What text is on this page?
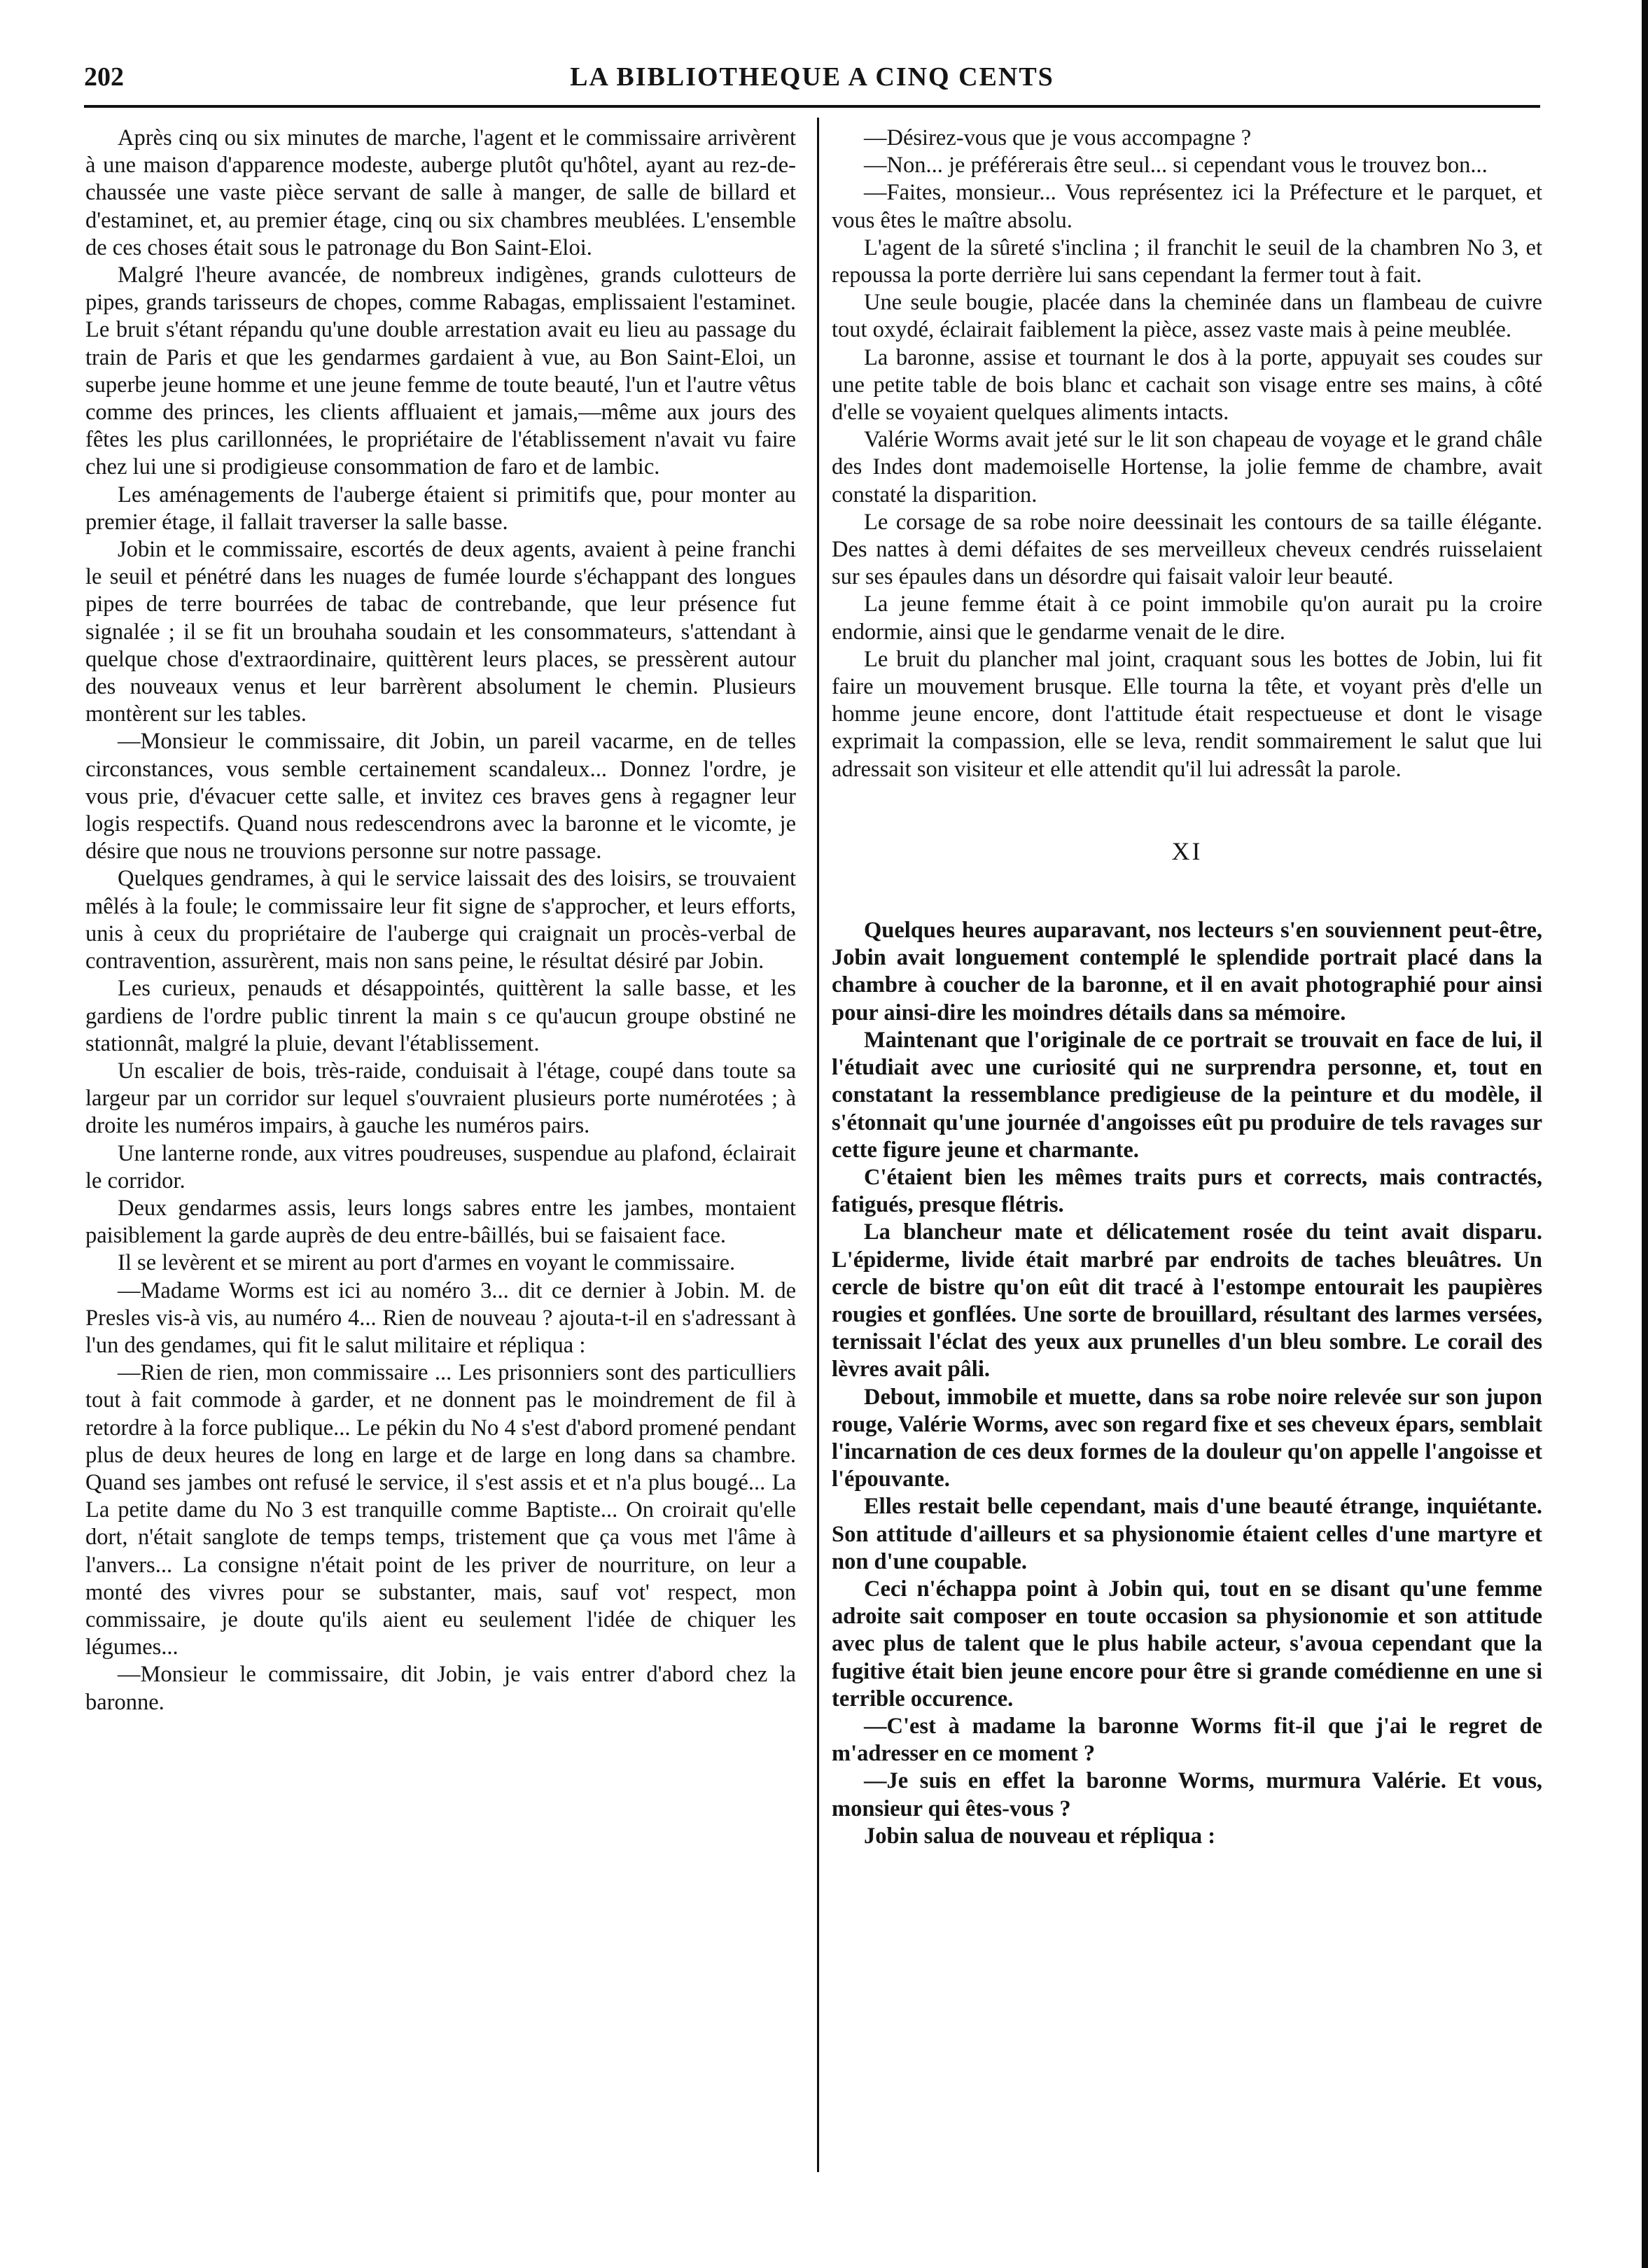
202	LA BIBLIOTHEQUE A CINQ CENTS

Après cinq ou six minutes de marche, l'agent et le commissaire arrivèrent à une maison d'apparence modeste, auberge plutôt qu'hôtel, ayant au rez-de-chaussée une vaste pièce servant de salle à manger, de salle de billard et d'estaminet, et, au premier étage, cinq ou six chambres meublées. L'ensemble de ces choses était sous le patronage du Bon Saint-Eloi.

Malgré l'heure avancée, de nombreux indigènes, grands culotteurs de pipes, grands tarisseurs de chopes, comme Rabagas, emplissaient l'estaminet. Le bruit s'étant répandu qu'une double arrestation avait eu lieu au passage du train de Paris et que les gendarmes gardaient à vue, au Bon Saint-Eloi, un superbe jeune homme et une jeune femme de toute beauté, l'un et l'autre vêtus comme des princes, les clients affluaient et jamais,—même aux jours des fêtes les plus carillonnées, le propriétaire de l'établissement n'avait vu faire chez lui une si prodigieuse consommation de faro et de lambic.

Les aménagements de l'auberge étaient si primitifs que, pour monter au premier étage, il fallait traverser la salle basse.

Jobin et le commissaire, escortés de deux agents, avaient à peine franchi le seuil et pénétré dans les nuages de fumée lourde s'échappant des longues pipes de terre bourrées de tabac de contrebande, que leur présence fut signalée ; il se fit un brouhaha soudain et les consommateurs, s'attendant à quelque chose d'extraordinaire, quittèrent leurs places, se pressèrent autour des nouveaux venus et leur barrèrent absolument le chemin. Plusieurs montèrent sur les tables.

—Monsieur le commissaire, dit Jobin, un pareil vacarme, en de telles circonstances, vous semble certainement scandaleux... Donnez l'ordre, je vous prie, d'évacuer cette salle, et invitez ces braves gens à regagner leur logis respectifs. Quand nous redescendrons avec la baronne et le vicomte, je désire que nous ne trouvions personne sur notre passage.

Quelques gendrames, à qui le service laissait des des loisirs, se trouvaient mêlés à la foule; le commissaire leur fit signe de s'approcher, et leurs efforts, unis à ceux du propriétaire de l'auberge qui craignait un procès-verbal de contravention, assurèrent, mais non sans peine, le résultat désiré par Jobin.

Les curieux, penauds et désappointés, quittèrent la salle basse, et les gardiens de l'ordre public tinrent la main s ce qu'aucun groupe obstiné ne stationnât, malgré la pluie, devant l'établissement.

Un escalier de bois, très-raide, conduisait à l'étage, coupé dans toute sa largeur par un corridor sur lequel s'ouvraient plusieurs porte numérotées ; à droite les numéros impairs, à gauche les numéros pairs.

Une lanterne ronde, aux vitres poudreuses, suspendue au plafond, éclairait le corridor.

Deux gendarmes assis, leurs longs sabres entre les jambes, montaient paisiblement la garde auprès de deu entre-bâillés, bui se faisaient face.

Il se levèrent et se mirent au port d'armes en voyant le commissaire.

—Madame Worms est ici au noméro 3... dit ce dernier à Jobin. M. de Presles vis-à vis, au numéro 4... Rien de nouveau ? ajouta-t-il en s'adressant à l'un des gendames, qui fit le salut militaire et répliqua :

—Rien de rien, mon commissaire ... Les prisonniers sont des particulliers tout à fait commode à garder, et ne donnent pas le moindrement de fil à retordre à la force publique... Le pékin du No 4 s'est d'abord promené pendant plus de deux heures de long en large et de large en long dans sa chambre. Quand ses jambes ont refusé le service, il s'est assis et et n'a plus bougé... La La petite dame du No 3 est tranquille comme Baptiste... On croirait qu'elle dort, n'était sanglote de temps temps, tristement que ça vous met l'âme à l'anvers... La consigne n'était point de les priver de nourriture, on leur a monté des vivres pour se substanter, mais, sauf vot' respect, mon commissaire, je doute qu'ils aient eu seulement l'idée de chiquer les légumes...

—Monsieur le commissaire, dit Jobin, je vais entrer d'abord chez la baronne.

—Désirez-vous que je vous accompagne ?

—Non... je préférerais être seul... si cependant vous le trouvez bon...

—Faites, monsieur... Vous représentez ici la Préfecture et le parquet, et vous êtes le maître absolu.

L'agent de la sûreté s'inclina ; il franchit le seuil de la chambren No 3, et repoussa la porte derrière lui sans cependant la fermer tout à fait.

Une seule bougie, placée dans la cheminée dans un flambeau de cuivre tout oxydé, éclairait faiblement la pièce, assez vaste mais à peine meublée.

La baronne, assise et tournant le dos à la porte, appuyait ses coudes sur une petite table de bois blanc et cachait son visage entre ses mains, à côté d'elle se voyaient quelques aliments intacts.

Valérie Worms avait jeté sur le lit son chapeau de voyage et le grand châle des Indes dont mademoiselle Hortense, la jolie femme de chambre, avait constaté la disparition.

Le corsage de sa robe noire deessinait les contours de sa taille élégante. Des nattes à demi défaites de ses merveilleux cheveux cendrés ruisselaient sur ses épaules dans un désordre qui faisait valoir leur beauté.

La jeune femme était à ce point immobile qu'on aurait pu la croire endormie, ainsi que le gendarme venait de le dire.

Le bruit du plancher mal joint, craquant sous les bottes de Jobin, lui fit faire un mouvement brusque. Elle tourna la tête, et voyant près d'elle un homme jeune encore, dont l'attitude était respectueuse et dont le visage exprimait la compassion, elle se leva, rendit sommairement le salut que lui adressait son visiteur et elle attendit qu'il lui adressât la parole.

XI

Quelques heures auparavant, nos lecteurs s'en souviennent peut-être, Jobin avait longuement contemplé le splendide portrait placé dans la chambre à coucher de la baronne, et il en avait photographié pour ainsi pour ainsi-dire les moindres détails dans sa mémoire.

Maintenant que l'originale de ce portrait se trouvait en face de lui, il l'étudiait avec une curiosité qui ne surprendra personne, et, tout en constatant la ressemblance predigieuse de la peinture et du modèle, il s'étonnait qu'une journée d'angoisses eût pu produire de tels ravages sur cette figure jeune et charmante.

C'étaient bien les mêmes traits purs et corrects, mais contractés, fatigués, presque flétris.

La blancheur mate et délicatement rosée du teint avait disparu. L'épiderme, livide était marbré par endroits de taches bleuâtres. Un cercle de bistre qu'on eût dit tracé à l'estompe entourait les paupières rougies et gonflées. Une sorte de brouillard, résultant des larmes versées, ternissait l'éclat des yeux aux prunelles d'un bleu sombre. Le corail des lèvres avait pâli.

Debout, immobile et muette, dans sa robe noire relevée sur son jupon rouge, Valérie Worms, avec son regard fixe et ses cheveux épars, semblait l'incarnation de ces deux formes de la douleur qu'on appelle l'angoisse et l'épouvante.

Elles restait belle cependant, mais d'une beauté étrange, inquiétante. Son attitude d'ailleurs et sa physionomie étaient celles d'une martyre et non d'une coupable.

Ceci n'échappa point à Jobin qui, tout en se disant qu'une femme adroite sait composer en toute occasion sa physionomie et son attitude avec plus de talent que le plus habile acteur, s'avoua cependant que la fugitive était bien jeune encore pour être si grande comédienne en une si terrible occurence.

—C'est à madame la baronne Worms fit-il que j'ai le regret de m'adresser en ce moment ?

—Je suis en effet la baronne Worms, murmura Valérie. Et vous, monsieur qui êtes-vous ?

Jobin salua de nouveau et répliqua :
